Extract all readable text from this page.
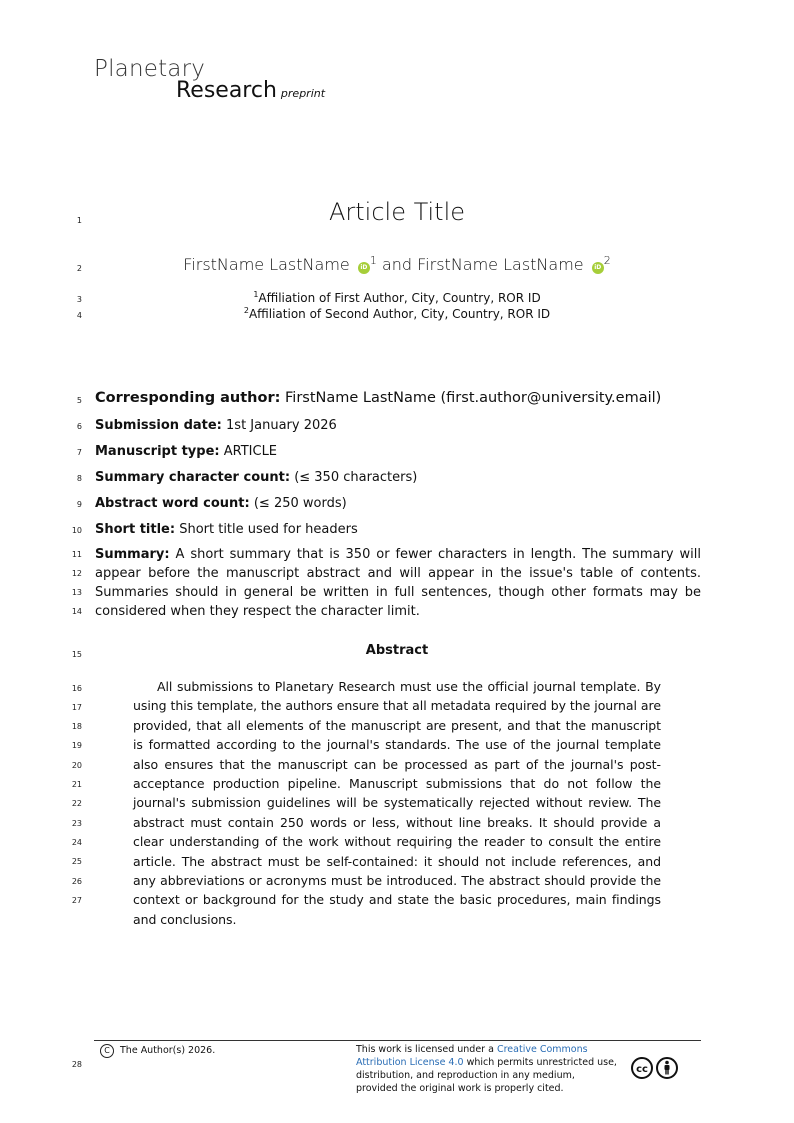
Planetary
Research preprint
1
2
3
4
5
6
7
8
9
10
11
12
13
14
15
16
17
18
19
20
21
22
23
24
25
26
27
28
Article Title
FirstName LastName $iD^1$ and FirstName LastName $iD^2$
$^1$Affiliation of First Author, City, Country, ROR ID
$^2$Affiliation of Second Author, City, Country, ROR ID
Corresponding author: FirstName LastName (first.author@university.email)
Submission date: 1st January 2026
Manuscript type: ARTICLE
Summary character count: (≤ 350 characters)
Abstract word count: (≤ 250 words)
Short title: Short title used for headers
Summary: A short summary that is 350 or fewer characters in length. The summary will appear before the manuscript abstract and will appear in the issue's table of contents. Summaries should in general be written in full sentences, though other formats may be considered when they respect the character limit.
Abstract
All submissions to Planetary Research must use the official journal template. By using this template, the authors ensure that all metadata required by the journal are provided, that all elements of the manuscript are present, and that the manuscript is formatted according to the journal's standards. The use of the journal template also ensures that the manuscript can be processed as part of the journal's post-acceptance production pipeline. Manuscript submissions that do not follow the journal's submission guidelines will be systematically rejected without review. The abstract must contain 250 words or less, without line breaks. It should provide a clear understanding of the work without requiring the reader to consult the entire article. The abstract must be self-contained: it should not include references, and any abbreviations or acronyms must be introduced. The abstract should provide the context or background for the study and state the basic procedures, main findings and conclusions.
C The Author(s) 2026.	This work is licensed under a Creative Commons Attribution License 4.0 which permits unrestricted use, distribution, and reproduction in any medium, provided the original work is properly cited.
cc
